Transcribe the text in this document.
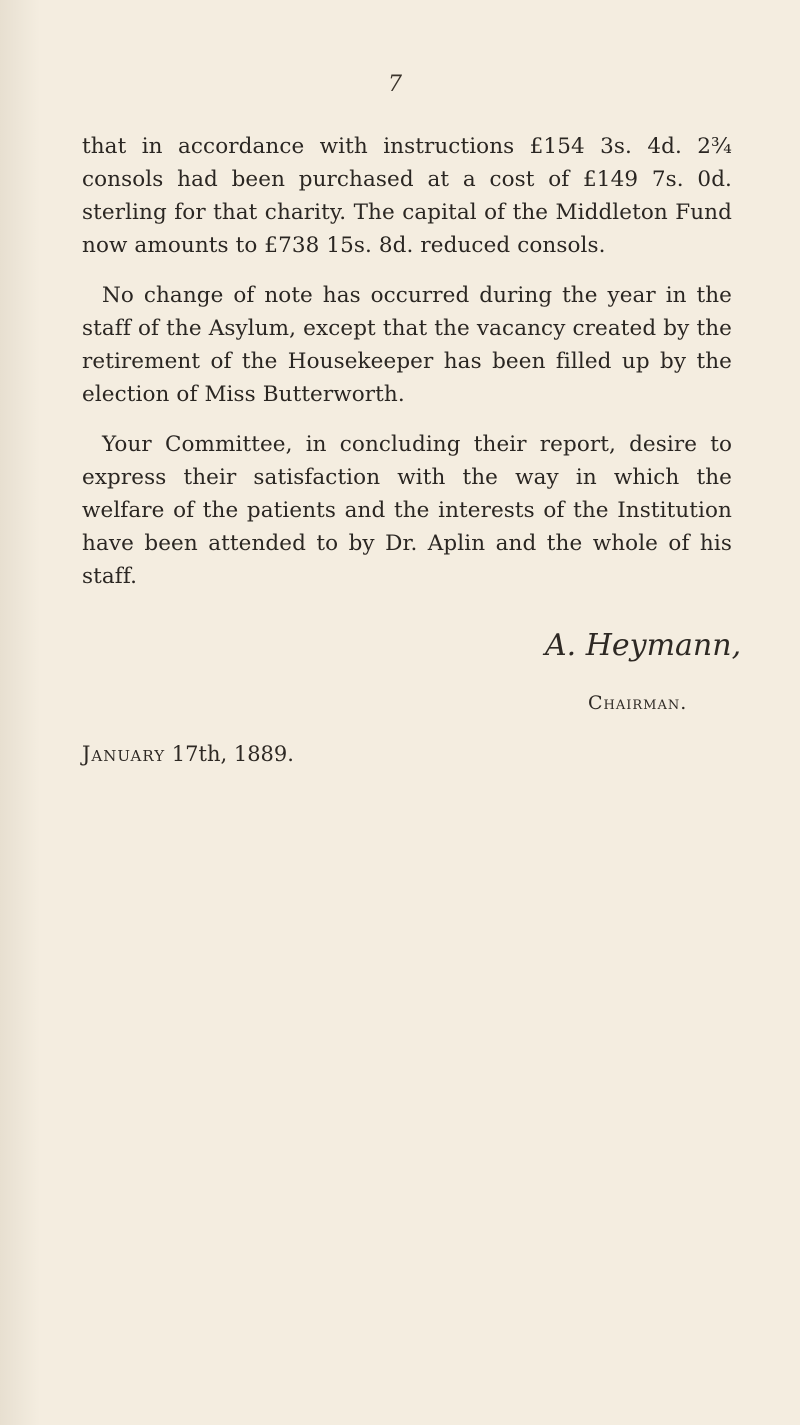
7

that in accordance with instructions £154 3s. 4d. 2¾ consols had been purchased at a cost of £149 7s. 0d. sterling for that charity. The capital of the Middleton Fund now amounts to £738 15s. 8d. reduced consols.

No change of note has occurred during the year in the staff of the Asylum, except that the vacancy created by the retirement of the Housekeeper has been filled up by the election of Miss Butterworth.

Your Committee, in concluding their report, desire to express their satisfaction with the way in which the welfare of the patients and the interests of the Institution have been attended to by Dr. Aplin and the whole of his staff.

A. Heymann,
Chairman.
January 17th, 1889.
